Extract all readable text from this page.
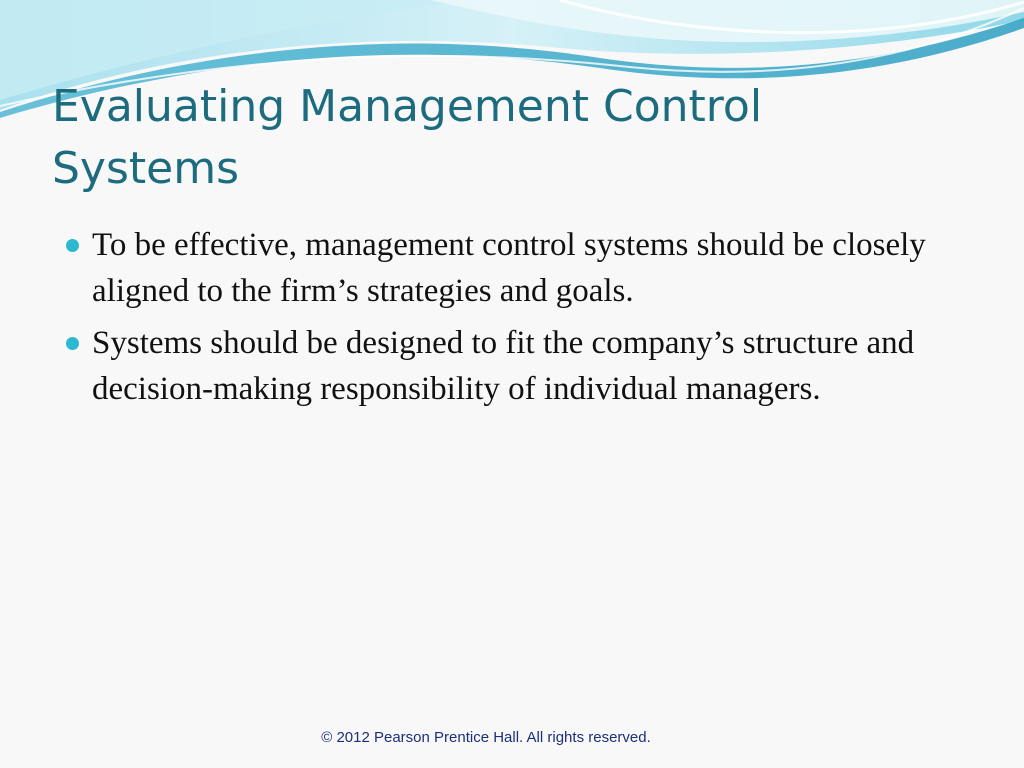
Evaluating Management Control Systems
To be effective, management control systems should be closely aligned to the firm’s strategies and goals.
Systems should be designed to fit the company’s structure and decision-making responsibility of individual managers.
© 2012 Pearson Prentice Hall. All rights reserved.
